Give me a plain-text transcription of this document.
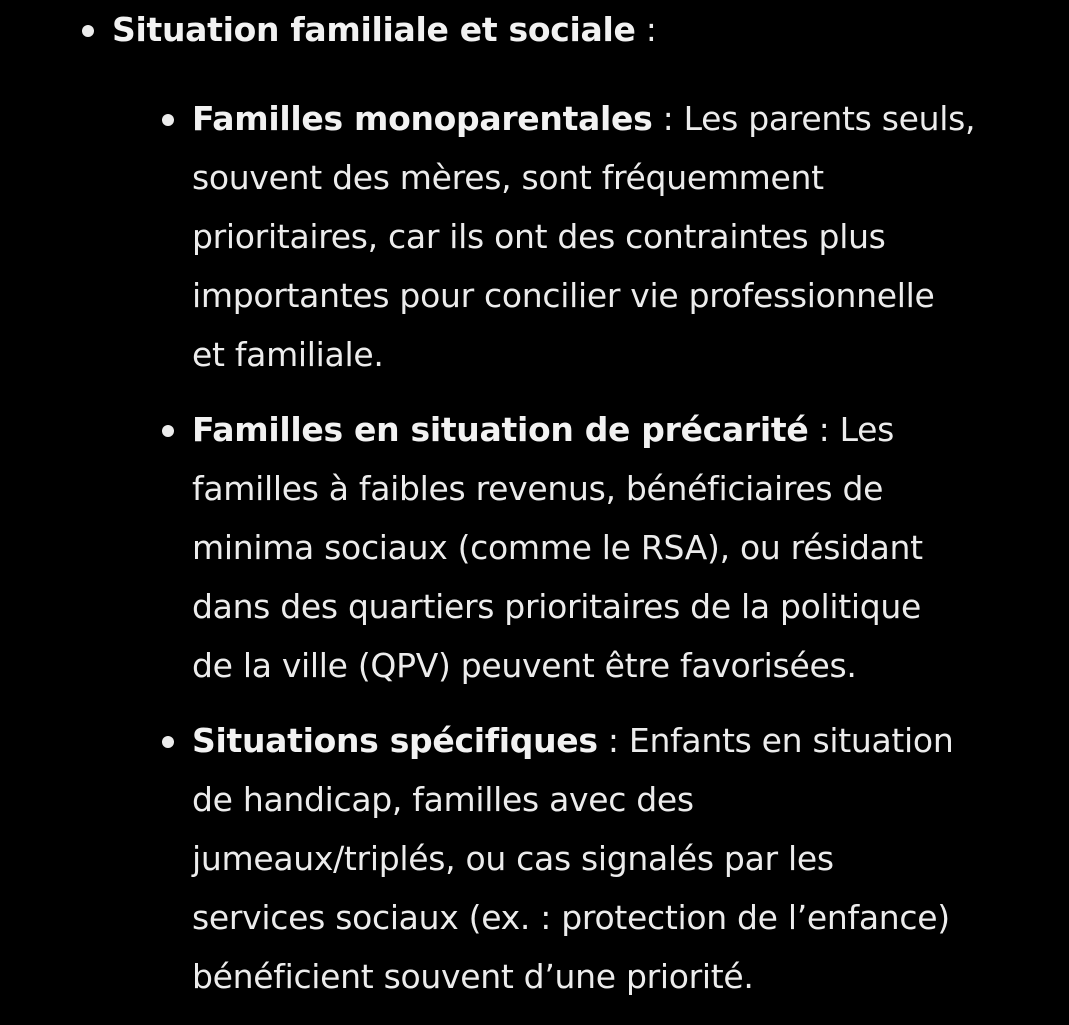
Situation familiale et sociale :
Familles monoparentales : Les parents seuls,
souvent des mères, sont fréquemment
prioritaires, car ils ont des contraintes plus
importantes pour concilier vie professionnelle
et familiale.
Familles en situation de précarité : Les
familles à faibles revenus, bénéficiaires de
minima sociaux (comme le RSA), ou résidant
dans des quartiers prioritaires de la politique
de la ville (QPV) peuvent être favorisées.
Situations spécifiques : Enfants en situation
de handicap, familles avec des
jumeaux/triplés, ou cas signalés par les
services sociaux (ex. : protection de l’enfance)
bénéficient souvent d’une priorité.
